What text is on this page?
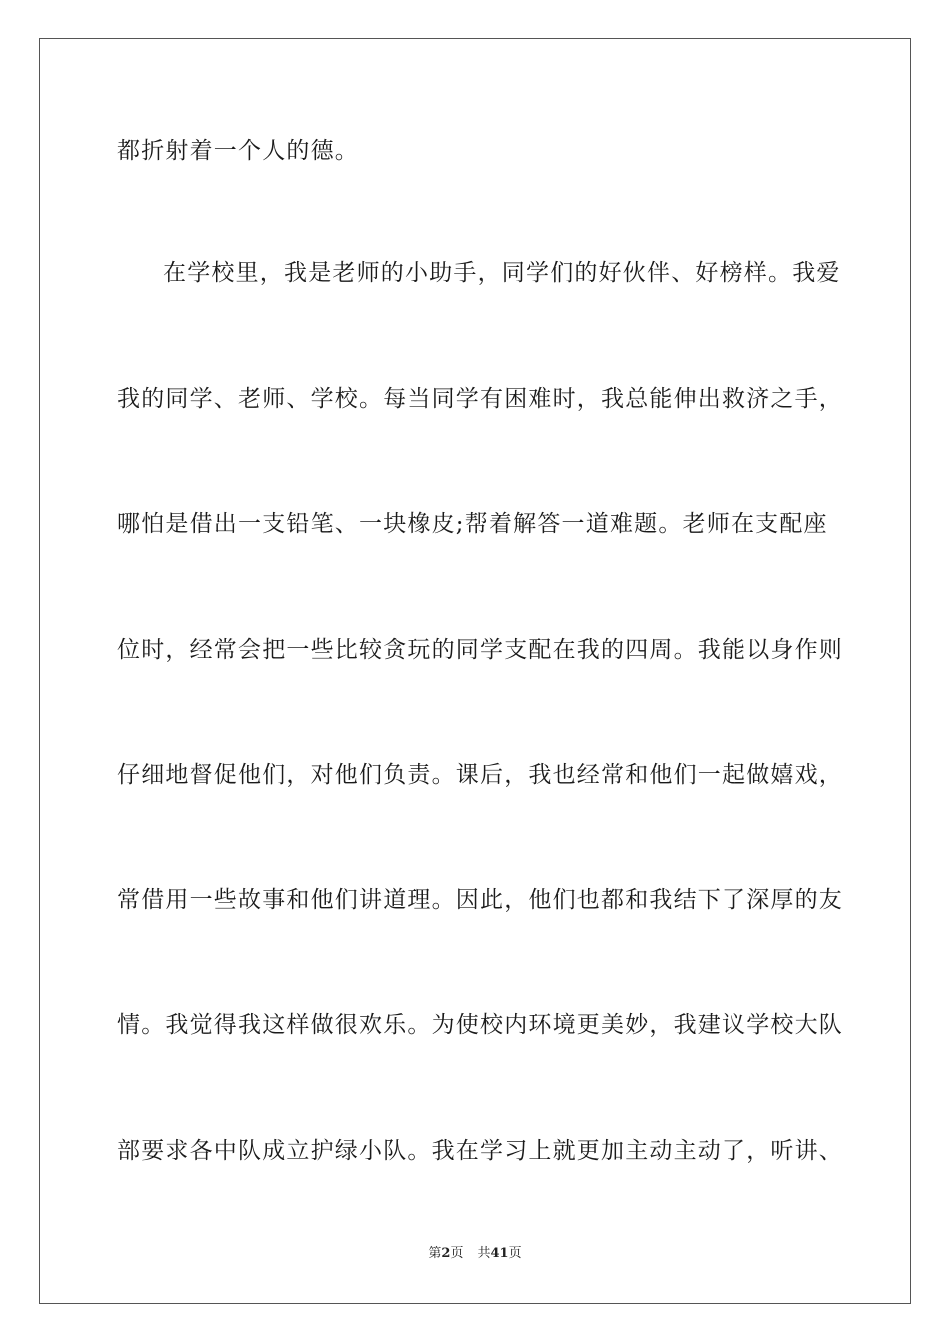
都折射着一个人的德。
在学校里，我是老师的小助手，同学们的好伙伴、好榜样。我爱
我的同学、老师、学校。每当同学有困难时，我总能伸出救济之手，
哪怕是借出一支铅笔、一块橡皮;帮着解答一道难题。老师在支配座
位时，经常会把一些比较贪玩的同学支配在我的四周。我能以身作则
仔细地督促他们，对他们负责。课后，我也经常和他们一起做嬉戏，
常借用一些故事和他们讲道理。因此，他们也都和我结下了深厚的友
情。我觉得我这样做很欢乐。为使校内环境更美妙，我建议学校大队
部要求各中队成立护绿小队。我在学习上就更加主动主动了，听讲、
第2页 共41页
